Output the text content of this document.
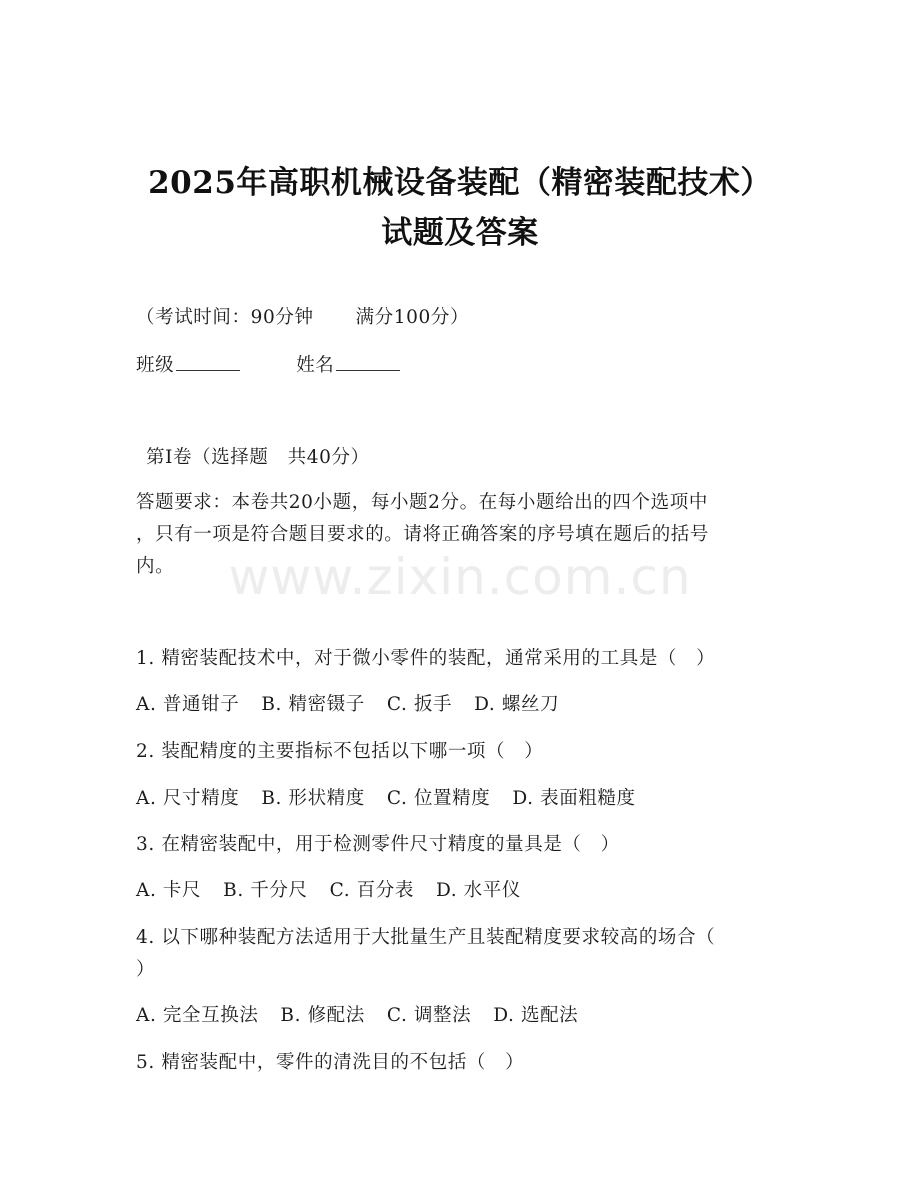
2025年高职机械设备装配（精密装配技术）
试题及答案
（考试时间：90分钟 满分100分）
班级	姓名
第Ⅰ卷（选择题　共40分）
答题要求：本卷共20小题，每小题2分。在每小题给出的四个选项中
，只有一项是符合题目要求的。请将正确答案的序号填在题后的括号
内。	www.zixin.com.cn
1. 精密装配技术中，对于微小零件的装配，通常采用的工具是（　）
A. 普通钳子 B. 精密镊子 C. 扳手 D. 螺丝刀
2. 装配精度的主要指标不包括以下哪一项（　）
A. 尺寸精度 B. 形状精度 C. 位置精度 D. 表面粗糙度
3. 在精密装配中，用于检测零件尺寸精度的量具是（　）
A. 卡尺 B. 千分尺 C. 百分表 D. 水平仪
4. 以下哪种装配方法适用于大批量生产且装配精度要求较高的场合（
）
A. 完全互换法 B. 修配法 C. 调整法 D. 选配法
5. 精密装配中，零件的清洗目的不包括（　）
